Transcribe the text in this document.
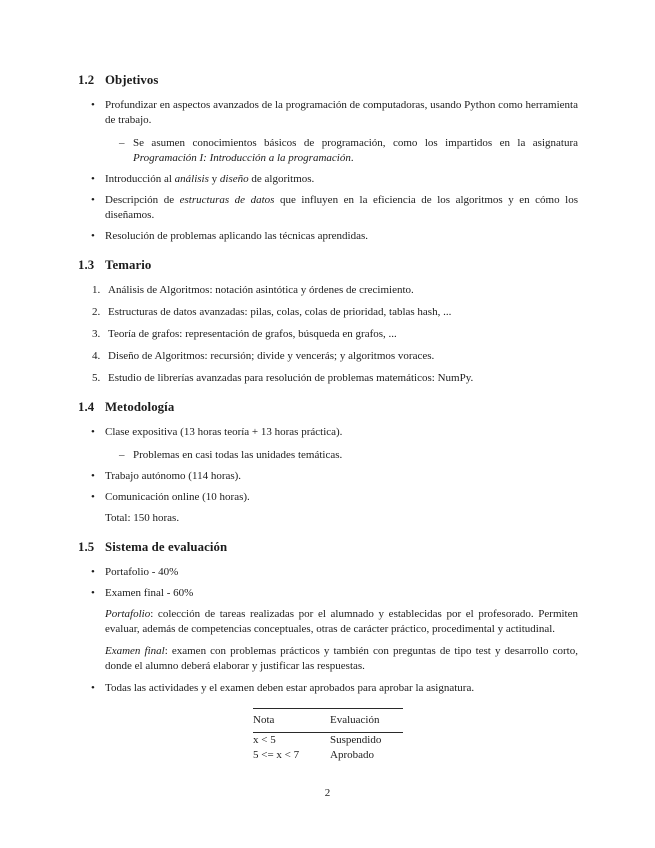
1.2 Objetivos
• Profundizar en aspectos avanzados de la programación de computadoras, usando Python como herramienta de trabajo.
– Se asumen conocimientos básicos de programación, como los impartidos en la asignatura Programación I: Introducción a la programación.
• Introducción al análisis y diseño de algoritmos.
• Descripción de estructuras de datos que influyen en la eficiencia de los algoritmos y en cómo los diseñamos.
• Resolución de problemas aplicando las técnicas aprendidas.
1.3 Temario
1. Análisis de Algoritmos: notación asintótica y órdenes de crecimiento.
2. Estructuras de datos avanzadas: pilas, colas, colas de prioridad, tablas hash, ...
3. Teoría de grafos: representación de grafos, búsqueda en grafos, ...
4. Diseño de Algoritmos: recursión; divide y vencerás; y algoritmos voraces.
5. Estudio de librerías avanzadas para resolución de problemas matemáticos: NumPy.
1.4 Metodología
• Clase expositiva (13 horas teoría + 13 horas práctica).
– Problemas en casi todas las unidades temáticas.
• Trabajo autónomo (114 horas).
• Comunicación online (10 horas).
Total: 150 horas.
1.5 Sistema de evaluación
• Portafolio - 40%
• Examen final - 60%
Portafolio: colección de tareas realizadas por el alumnado y establecidas por el profesorado. Permiten evaluar, además de competencias conceptuales, otras de carácter práctico, procedimental y actitudinal.
Examen final: examen con problemas prácticos y también con preguntas de tipo test y desarrollo corto, donde el alumno deberá elaborar y justificar las respuestas.
• Todas las actividades y el examen deben estar aprobados para aprobar la asignatura.
Nota	Evaluación
x < 5	Suspendido
5 <= x < 7	Aprobado
2
